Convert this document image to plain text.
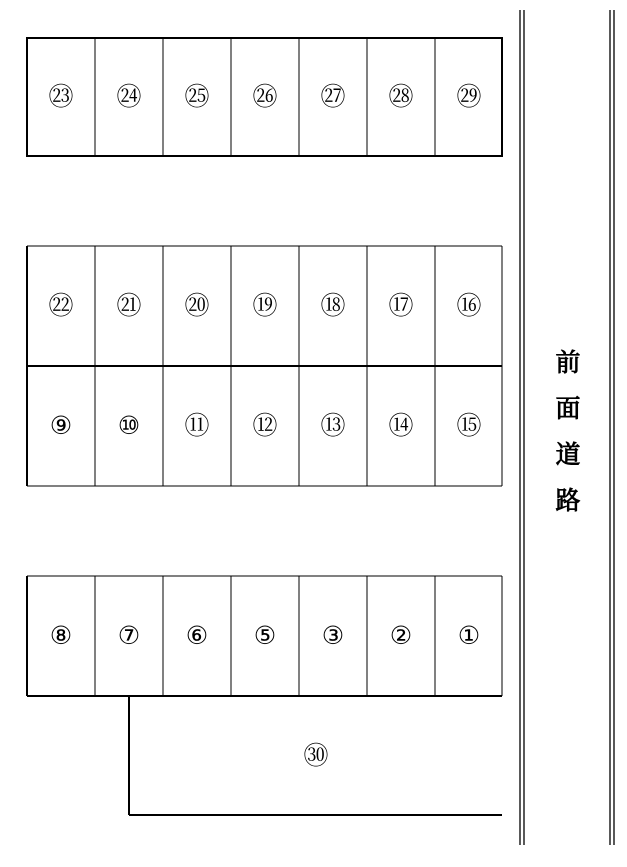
㉓	㉔	㉕	㉖	㉗	㉘	㉙
㉒	㉑	⑳	⑲	⑱	⑰	⑯
⑨	⑩	⑪	⑫	⑬	⑭	⑮
⑧	⑦	⑥	⑤	③	②	①
㉚
前
面
道
路
